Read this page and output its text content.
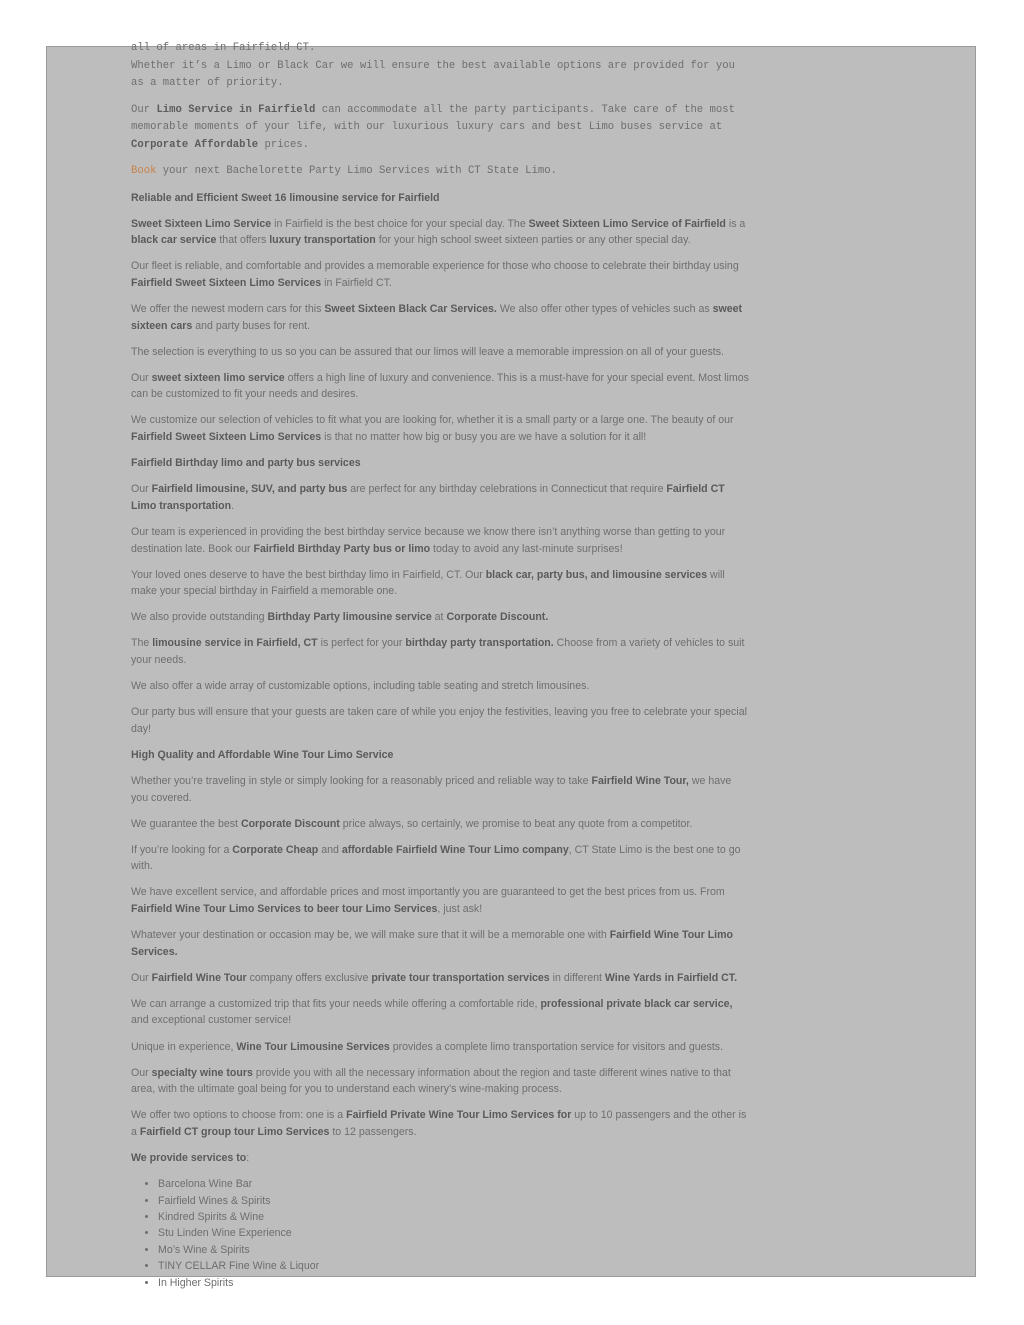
all of areas in Fairfield CT.

Whether it’s a Limo or Black Car we will ensure the best available options are provided for you as a matter of priority.

Our Limo Service in Fairfield can accommodate all the party participants. Take care of the most memorable moments of your life, with our luxurious luxury cars and best Limo buses service at Corporate Affordable prices.

Book your next Bachelorette Party Limo Services with CT State Limo.

Reliable and Efficient Sweet 16 limousine service for Fairfield

Sweet Sixteen Limo Service in Fairfield is the best choice for your special day. The Sweet Sixteen Limo Service of Fairfield is a black car service that offers luxury transportation for your high school sweet sixteen parties or any other special day.

Our fleet is reliable, and comfortable and provides a memorable experience for those who choose to celebrate their birthday using Fairfield Sweet Sixteen Limo Services in Fairfield CT.

We offer the newest modern cars for this Sweet Sixteen Black Car Services. We also offer other types of vehicles such as sweet sixteen cars and party buses for rent.

The selection is everything to us so you can be assured that our limos will leave a memorable impression on all of your guests.

Our sweet sixteen limo service offers a high line of luxury and convenience. This is a must-have for your special event. Most limos can be customized to fit your needs and desires.

We customize our selection of vehicles to fit what you are looking for, whether it is a small party or a large one. The beauty of our Fairfield Sweet Sixteen Limo Services is that no matter how big or busy you are we have a solution for it all!

Fairfield Birthday limo and party bus services

Our Fairfield limousine, SUV, and party bus are perfect for any birthday celebrations in Connecticut that require Fairfield CT Limo transportation.

Our team is experienced in providing the best birthday service because we know there isn’t anything worse than getting to your destination late. Book our Fairfield Birthday Party bus or limo today to avoid any last-minute surprises!

Your loved ones deserve to have the best birthday limo in Fairfield, CT. Our black car, party bus, and limousine services will make your special birthday in Fairfield a memorable one.

We also provide outstanding Birthday Party limousine service at Corporate Discount.

The limousine service in Fairfield, CT is perfect for your birthday party transportation. Choose from a variety of vehicles to suit your needs.

We also offer a wide array of customizable options, including table seating and stretch limousines.

Our party bus will ensure that your guests are taken care of while you enjoy the festivities, leaving you free to celebrate your special day!

High Quality and Affordable Wine Tour Limo Service

Whether you’re traveling in style or simply looking for a reasonably priced and reliable way to take Fairfield Wine Tour, we have you covered.

We guarantee the best Corporate Discount price always, so certainly, we promise to beat any quote from a competitor.

If you’re looking for a Corporate Cheap and affordable Fairfield Wine Tour Limo company, CT State Limo is the best one to go with.

We have excellent service, and affordable prices and most importantly you are guaranteed to get the best prices from us. From Fairfield Wine Tour Limo Services to beer tour Limo Services, just ask!

Whatever your destination or occasion may be, we will make sure that it will be a memorable one with Fairfield Wine Tour Limo Services.

Our Fairfield Wine Tour company offers exclusive private tour transportation services in different Wine Yards in Fairfield CT.

We can arrange a customized trip that fits your needs while offering a comfortable ride, professional private black car service, and exceptional customer service!

Unique in experience, Wine Tour Limousine Services provides a complete limo transportation service for visitors and guests.

Our specialty wine tours provide you with all the necessary information about the region and taste different wines native to that area, with the ultimate goal being for you to understand each winery’s wine-making process.

We offer two options to choose from: one is a Fairfield Private Wine Tour Limo Services for up to 10 passengers and the other is a Fairfield CT group tour Limo Services to 12 passengers.

We provide services to:

• Barcelona Wine Bar
• Fairfield Wines & Spirits
• Kindred Spirits & Wine
• Stu Linden Wine Experience
• Mo’s Wine & Spirits
• TINY CELLAR Fine Wine & Liquor
• In Higher Spirits
